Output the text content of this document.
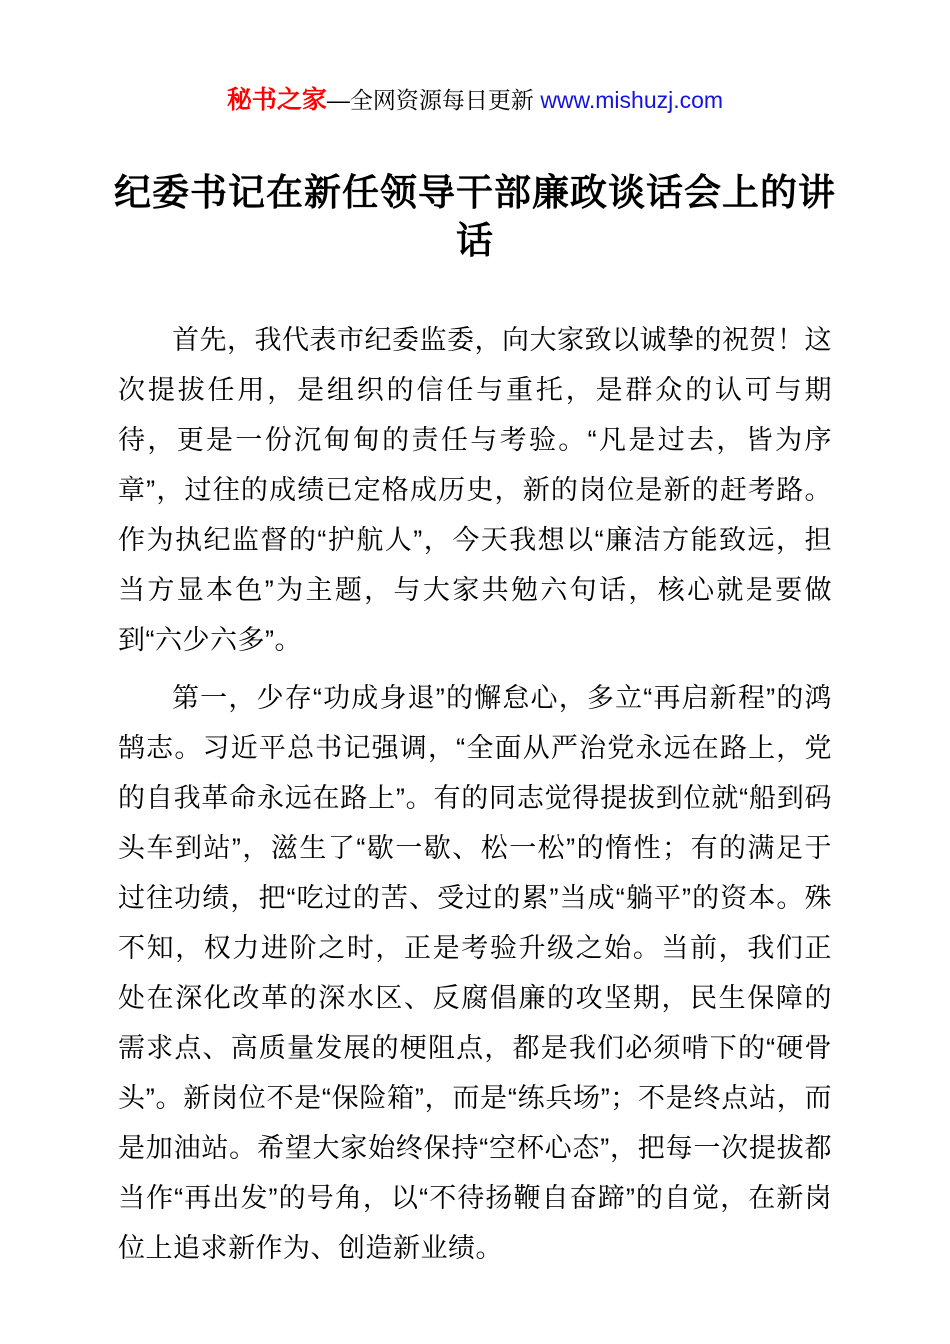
秘书之家—全网资源每日更新 www.mishuzj.com
纪委书记在新任领导干部廉政谈话会上的讲话

首先，我代表市纪委监委，向大家致以诚挚的祝贺！这次提拔任用，是组织的信任与重托，是群众的认可与期待，更是一份沉甸甸的责任与考验。“凡是过去，皆为序章”，过往的成绩已定格成历史，新的岗位是新的赶考路。作为执纪监督的“护航人”，今天我想以“廉洁方能致远，担当方显本色”为主题，与大家共勉六句话，核心就是要做到“六少六多”。

第一，少存“功成身退”的懈怠心，多立“再启新程”的鸿鹄志。习近平总书记强调，“全面从严治党永远在路上，党的自我革命永远在路上”。有的同志觉得提拔到位就“船到码头车到站”，滋生了“歇一歇、松一松”的惰性；有的满足于过往功绩，把“吃过的苦、受过的累”当成“躺平”的资本。殊不知，权力进阶之时，正是考验升级之始。当前，我们正处在深化改革的深水区、反腐倡廉的攻坚期，民生保障的需求点、高质量发展的梗阻点，都是我们必须啃下的“硬骨头”。新岗位不是“保险箱”，而是“练兵场”；不是终点站，而是加油站。希望大家始终保持“空杯心态”，把每一次提拔都当作“再出发”的号角，以“不待扬鞭自奋蹄”的自觉，在新岗位上追求新作为、创造新业绩。
